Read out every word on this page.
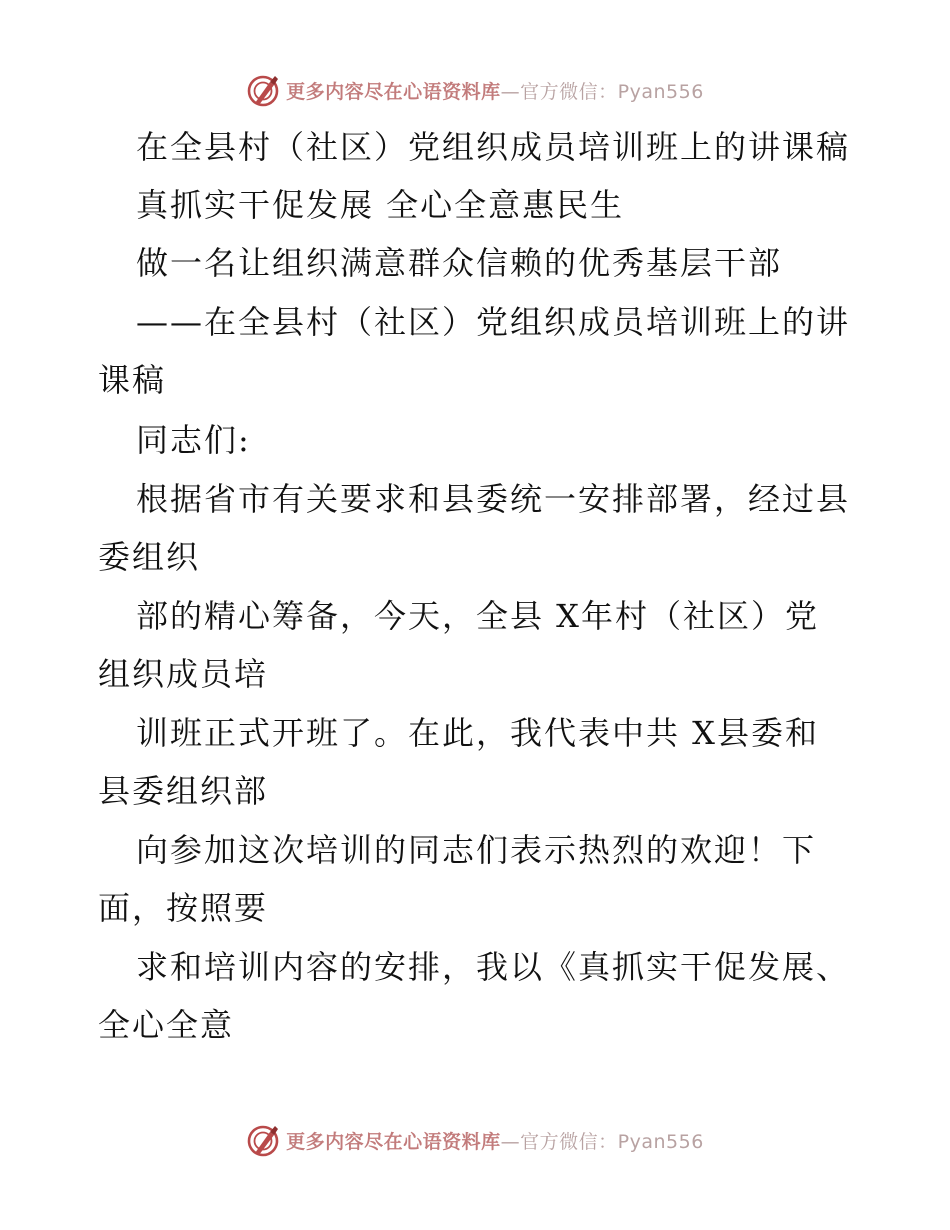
更多内容尽在心语资料库—官方微信：Pyan556
在全县村（社区）党组织成员培训班上的讲课稿
真抓实干促发展 全心全意惠民生
做一名让组织满意群众信赖的优秀基层干部
——在全县村（社区）党组织成员培训班上的讲
课稿
同志们:
根据省市有关要求和县委统一安排部署，经过县
委组织
部的精心筹备，今天，全县 X年村（社区）党
组织成员培
训班正式开班了。在此，我代表中共 X县委和
县委组织部
向参加这次培训的同志们表示热烈的欢迎！下
面，按照要
求和培训内容的安排，我以《真抓实干促发展、
全心全意
更多内容尽在心语资料库—官方微信：Pyan556
